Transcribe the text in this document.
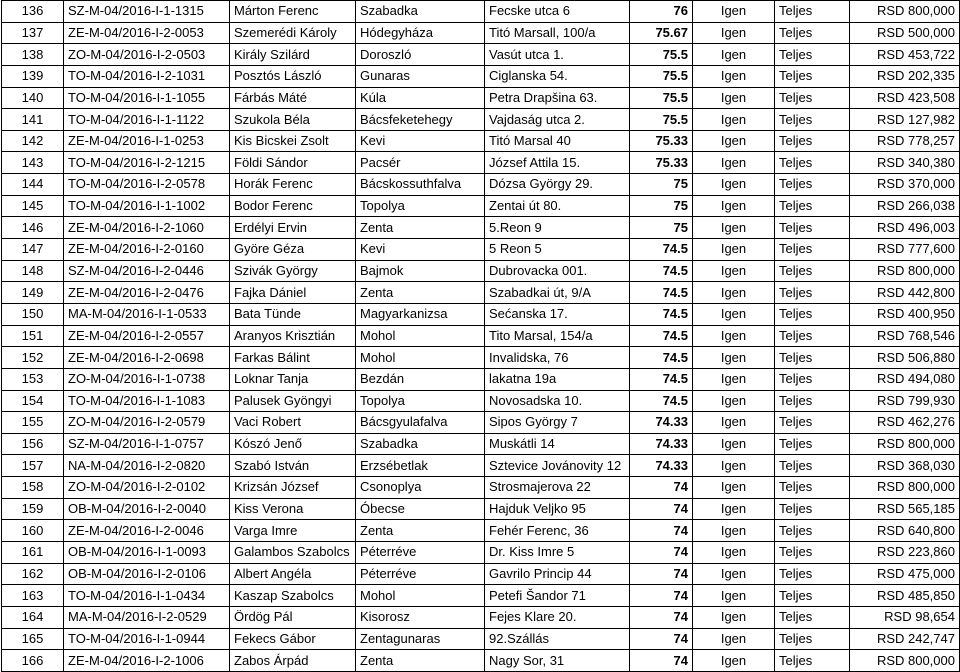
136	SZ-M-04/2016-I-1-1315	Márton Ferenc	Szabadka	Fecske utca 6	76	Igen	Teljes	RSD 800,000
137	ZE-M-04/2016-I-2-0053	Szemerédi Károly	Hódegyháza	Titó Marsall, 100/a	75.67	Igen	Teljes	RSD 500,000
138	ZO-M-04/2016-I-2-0503	Király Szilárd	Doroszló	Vasút utca 1.	75.5	Igen	Teljes	RSD 453,722
139	TO-M-04/2016-I-2-1031	Posztós László	Gunaras	Ciglanska 54.	75.5	Igen	Teljes	RSD 202,335
140	TO-M-04/2016-I-1-1055	Fárbás Máté	Kúla	Petra Drapšina 63.	75.5	Igen	Teljes	RSD 423,508
141	TO-M-04/2016-I-1-1122	Szukola Béla	Bácsfeketehegy	Vajdaság utca 2.	75.5	Igen	Teljes	RSD 127,982
142	ZE-M-04/2016-I-1-0253	Kis Bicskei Zsolt	Kevi	Titó Marsal 40	75.33	Igen	Teljes	RSD 778,257
143	TO-M-04/2016-I-2-1215	Földi Sándor	Pacsér	József Attila 15.	75.33	Igen	Teljes	RSD 340,380
144	TO-M-04/2016-I-2-0578	Horák Ferenc	Bácskossuthfalva	Dózsa György 29.	75	Igen	Teljes	RSD 370,000
145	TO-M-04/2016-I-1-1002	Bodor Ferenc	Topolya	Zentai út 80.	75	Igen	Teljes	RSD 266,038
146	ZE-M-04/2016-I-2-1060	Erdélyi Ervin	Zenta	5.Reon 9	75	Igen	Teljes	RSD 496,003
147	ZE-M-04/2016-I-2-0160	Györe Géza	Kevi	5 Reon 5	74.5	Igen	Teljes	RSD 777,600
148	SZ-M-04/2016-I-2-0446	Szivák György	Bajmok	Dubrovacka 001.	74.5	Igen	Teljes	RSD 800,000
149	ZE-M-04/2016-I-2-0476	Fajka Dániel	Zenta	Szabadkai út, 9/A	74.5	Igen	Teljes	RSD 442,800
150	MA-M-04/2016-I-1-0533	Bata Tünde	Magyarkanizsa	Sećanska 17.	74.5	Igen	Teljes	RSD 400,950
151	ZE-M-04/2016-I-2-0557	Aranyos Krisztián	Mohol	Tito Marsal, 154/a	74.5	Igen	Teljes	RSD 768,546
152	ZE-M-04/2016-I-2-0698	Farkas Bálint	Mohol	Invalidska, 76	74.5	Igen	Teljes	RSD 506,880
153	ZO-M-04/2016-I-1-0738	Loknar Tanja	Bezdán	lakatna 19a	74.5	Igen	Teljes	RSD 494,080
154	TO-M-04/2016-I-1-1083	Palusek Gyöngyi	Topolya	Novosadska 10.	74.5	Igen	Teljes	RSD 799,930
155	ZO-M-04/2016-I-2-0579	Vaci Robert	Bácsgyulafalva	Sipos György 7	74.33	Igen	Teljes	RSD 462,276
156	SZ-M-04/2016-I-1-0757	Kószó Jenő	Szabadka	Muskátli 14	74.33	Igen	Teljes	RSD 800,000
157	NA-M-04/2016-I-2-0820	Szabó István	Erzsébetlak	Sztevice Jovánovity 12	74.33	Igen	Teljes	RSD 368,030
158	ZO-M-04/2016-I-2-0102	Krizsán József	Csonoplya	Strosmajerova 22	74	Igen	Teljes	RSD 800,000
159	OB-M-04/2016-I-2-0040	Kiss Verona	Óbecse	Hajduk Veljko 95	74	Igen	Teljes	RSD 565,185
160	ZE-M-04/2016-I-2-0046	Varga Imre	Zenta	Fehér Ferenc, 36	74	Igen	Teljes	RSD 640,800
161	OB-M-04/2016-I-1-0093	Galambos Szabolcs	Péterréve	Dr. Kiss Imre 5	74	Igen	Teljes	RSD 223,860
162	OB-M-04/2016-I-2-0106	Albert Angéla	Péterréve	Gavrilo Princip 44	74	Igen	Teljes	RSD 475,000
163	TO-M-04/2016-I-1-0434	Kaszap Szabolcs	Mohol	Petefi Šandor 71	74	Igen	Teljes	RSD 485,850
164	MA-M-04/2016-I-2-0529	Ördög Pál	Kisorosz	Fejes Klare 20.	74	Igen	Teljes	RSD 98,654
165	TO-M-04/2016-I-1-0944	Fekecs Gábor	Zentagunaras	92.Szállás	74	Igen	Teljes	RSD 242,747
166	ZE-M-04/2016-I-2-1006	Zabos Árpád	Zenta	Nagy Sor, 31	74	Igen	Teljes	RSD 800,000
